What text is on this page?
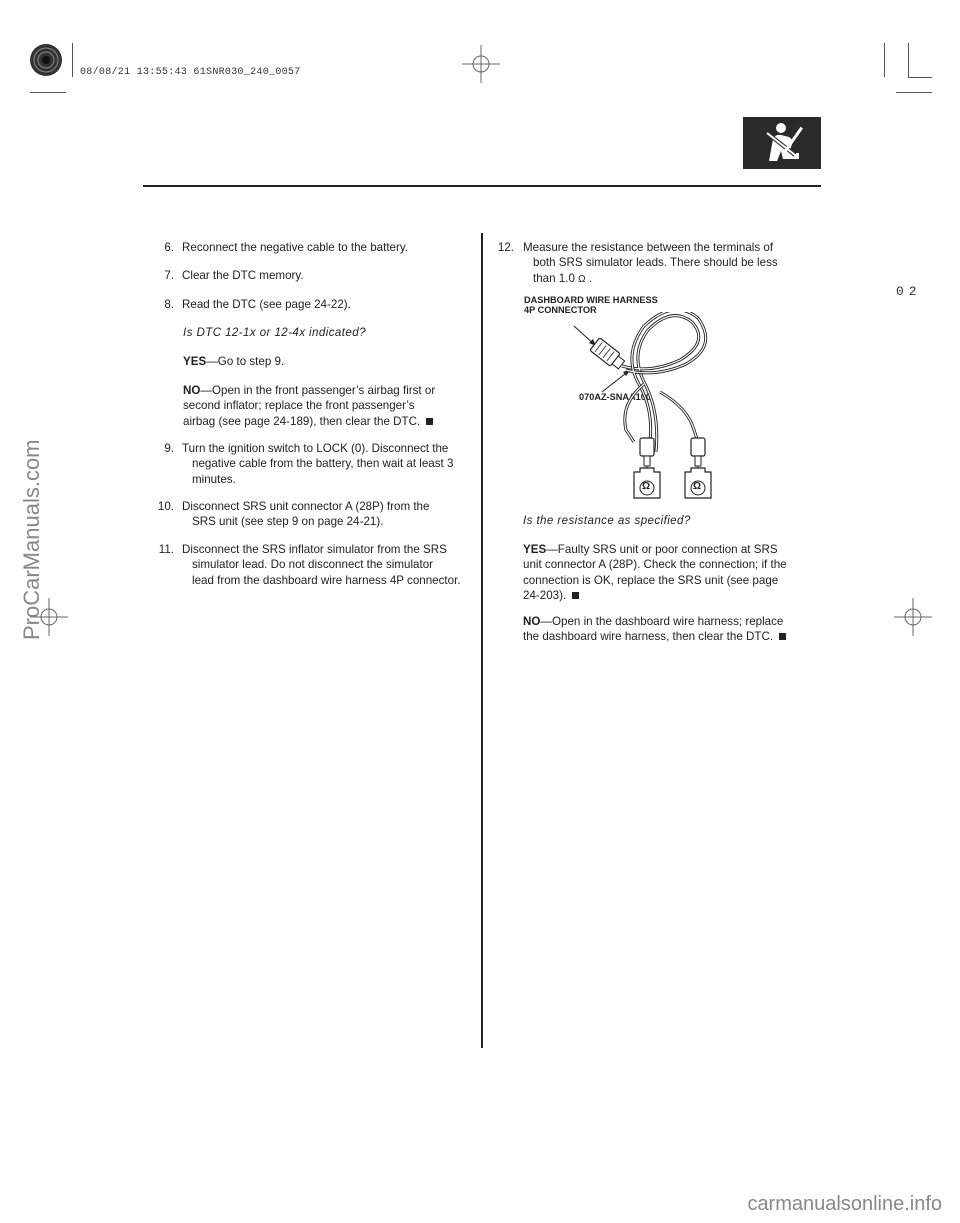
08/08/21 13:55:43 61SNR030_240_0057
02
ProCarManuals.com
carmanualsonline.info

6. Reconnect the negative cable to the battery.

7. Clear the DTC memory.

8. Read the DTC (see page 24-22).

Is DTC 12-1x or 12-4x indicated?

YES—Go to step 9.

NO—Open in the front passenger’s airbag first or
second inflator; replace the front passenger’s
airbag (see page 24-189), then clear the DTC.

9. Turn the ignition switch to LOCK (0). Disconnect the
negative cable from the battery, then wait at least 3
minutes.

10. Disconnect SRS unit connector A (28P) from the
SRS unit (see step 9 on page 24-21).

11. Disconnect the SRS inflator simulator from the SRS
simulator lead. Do not disconnect the simulator
lead from the dashboard wire harness 4P connector.

12. Measure the resistance between the terminals of
both SRS simulator leads. There should be less
than 1.0 Ω .

DASHBOARD WIRE HARNESS
4P CONNECTOR
070AZ-SNAA100
Ω	Ω

Is the resistance as specified?

YES—Faulty SRS unit or poor connection at SRS
unit connector A (28P). Check the connection; if the
connection is OK, replace the SRS unit (see page
24-203).

NO—Open in the dashboard wire harness; replace
the dashboard wire harness, then clear the DTC.
